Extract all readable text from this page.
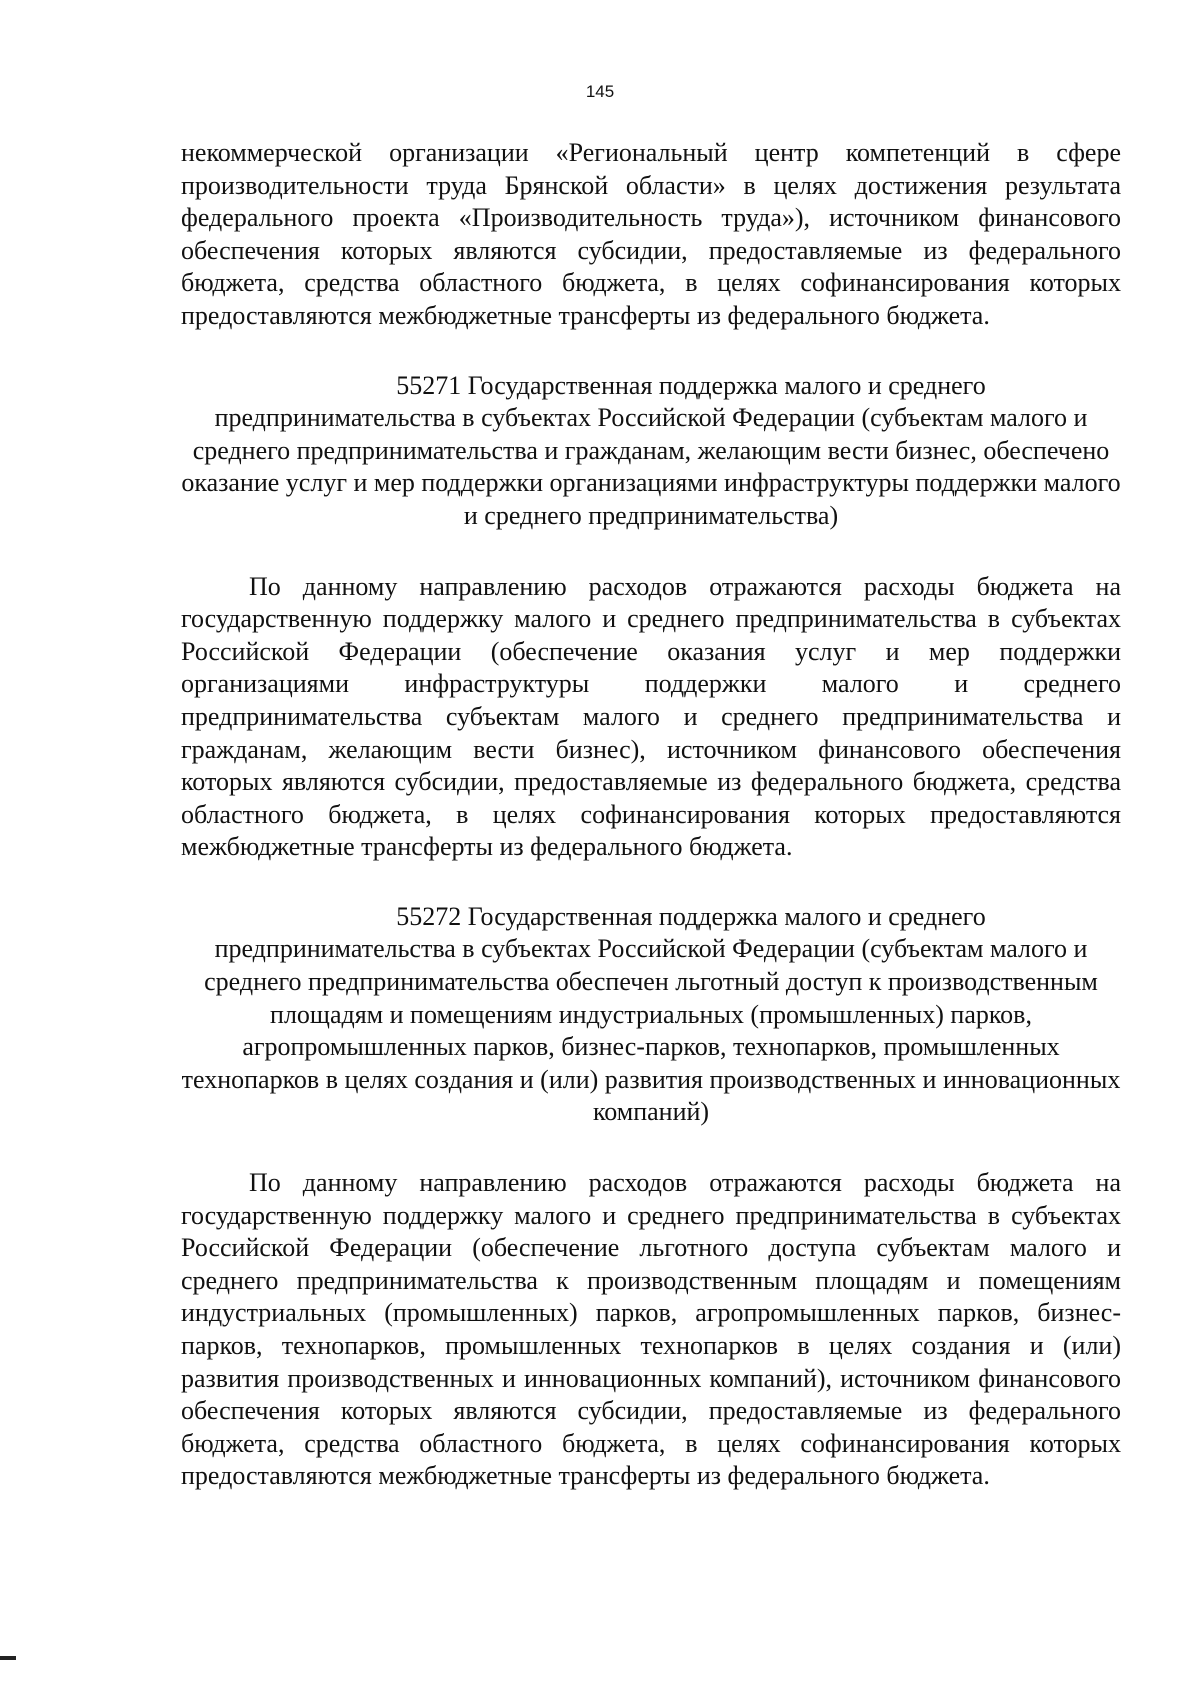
145

некоммерческой организации «Региональный центр компетенций в сфере производительности труда Брянской области» в целях достижения результата федерального проекта «Производительность труда»), источником финансового обеспечения которых являются субсидии, предоставляемые из федерального бюджета, средства областного бюджета, в целях софинансирования которых предоставляются межбюджетные трансферты из федерального бюджета.

55271 Государственная поддержка малого и среднего
предпринимательства в субъектах Российской Федерации (субъектам малого и среднего предпринимательства и гражданам, желающим вести бизнес, обеспечено оказание услуг и мер поддержки организациями инфраструктуры поддержки малого и среднего предпринимательства)

По данному направлению расходов отражаются расходы бюджета на государственную поддержку малого и среднего предпринимательства в субъектах Российской Федерации (обеспечение оказания услуг и мер поддержки организациями инфраструктуры поддержки малого и среднего предпринимательства субъектам малого и среднего предпринимательства и гражданам, желающим вести бизнес), источником финансового обеспечения которых являются субсидии, предоставляемые из федерального бюджета, средства областного бюджета, в целях софинансирования которых предоставляются межбюджетные трансферты из федерального бюджета.

55272 Государственная поддержка малого и среднего
предпринимательства в субъектах Российской Федерации (субъектам малого и среднего предпринимательства обеспечен льготный доступ к производственным площадям и помещениям индустриальных (промышленных) парков, агропромышленных парков, бизнес-парков, технопарков, промышленных технопарков в целях создания и (или) развития производственных и инновационных компаний)

По данному направлению расходов отражаются расходы бюджета на государственную поддержку малого и среднего предпринимательства в субъектах Российской Федерации (обеспечение льготного доступа субъектам малого и среднего предпринимательства к производственным площадям и помещениям индустриальных (промышленных) парков, агропромышленных парков, бизнес-парков, технопарков, промышленных технопарков в целях создания и (или) развития производственных и инновационных компаний), источником финансового обеспечения которых являются субсидии, предоставляемые из федерального бюджета, средства областного бюджета, в целях софинансирования которых предоставляются межбюджетные трансферты из федерального бюджета.
